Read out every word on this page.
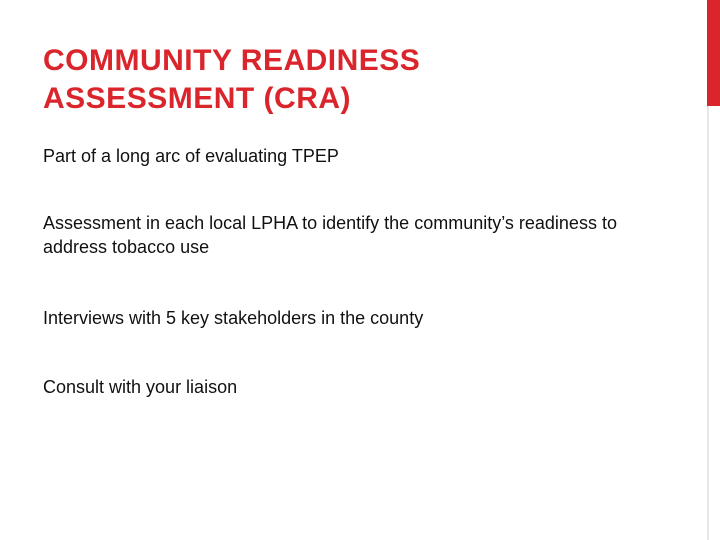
COMMUNITY READINESS
ASSESSMENT (CRA)
Part of a long arc of evaluating TPEP
Assessment in each local LPHA to identify the community’s readiness to address tobacco use
Interviews with 5 key stakeholders in the county
Consult with your liaison
